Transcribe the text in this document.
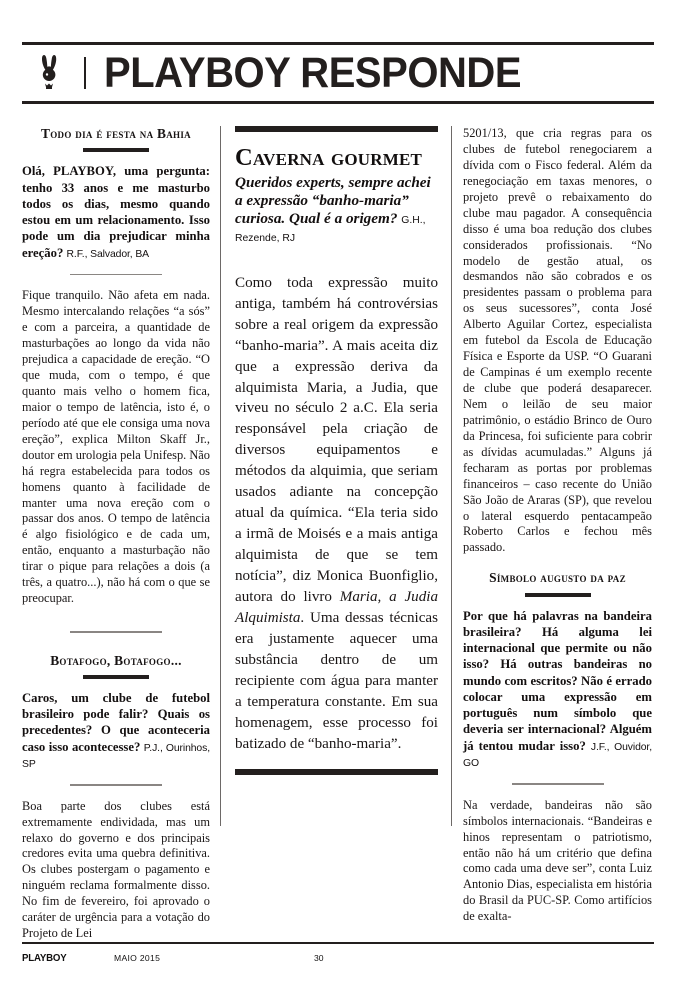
PLAYBOY RESPONDE
Todo dia é festa na Bahia

Olá, PLAYBOY, uma pergunta: tenho 33 anos e me masturbo todos os dias, mesmo quando estou em um relacionamento. Isso pode um dia prejudicar minha ereção? R.F., Salvador, BA

Fique tranquilo. Não afeta em nada. Mesmo intercalando relações “a sós” e com a parceira, a quantidade de masturbações ao longo da vida não prejudica a capacidade de ereção. “O que muda, com o tempo, é que quanto mais velho o homem fica, maior o tempo de latência, isto é, o período até que ele consiga uma nova ereção”, explica Milton Skaff Jr., doutor em urologia pela Unifesp. Não há regra estabelecida para todos os homens quanto à facilidade de manter uma nova ereção com o passar dos anos. O tempo de latência é algo fisiológico e de cada um, então, enquanto a masturbação não tirar o pique para relações a dois (a três, a quatro...), não há com o que se preocupar.

Botafogo, Botafogo...

Caros, um clube de futebol brasileiro pode falir? Quais os precedentes? O que aconteceria caso isso acontecesse? P.J., Ourinhos, SP

Boa parte dos clubes está extremamente endividada, mas um relaxo do governo e dos principais credores evita uma quebra definitiva. Os clubes postergam o pagamento e ninguém reclama formalmente disso. No fim de fevereiro, foi aprovado o caráter de urgência para a votação do Projeto de Lei

Caverna gourmet

Queridos experts, sempre achei a expressão “banho-maria” curiosa. Qual é a origem? G.H., Rezende, RJ

Como toda expressão muito antiga, também há controvérsias sobre a real origem da expressão “banho-maria”. A mais aceita diz que a expressão deriva da alquimista Maria, a Judia, que viveu no século 2 a.C. Ela seria responsável pela criação de diversos equipamentos e métodos da alquimia, que seriam usados adiante na concepção atual da química. “Ela teria sido a irmã de Moisés e a mais antiga alquimista de que se tem notícia”, diz Monica Buonfiglio, autora do livro Maria, a Judia Alquimista. Uma dessas técnicas era justamente aquecer uma substância dentro de um recipiente com água para manter a temperatura constante. Em sua homenagem, esse processo foi batizado de “banho-maria”.

5201/13, que cria regras para os clubes de futebol renegociarem a dívida com o Fisco federal. Além da renegociação em taxas menores, o projeto prevê o rebaixamento do clube mau pagador. A consequência disso é uma boa redução dos clubes considerados profissionais. “No modelo de gestão atual, os desmandos não são cobrados e os presidentes passam o problema para os seus sucessores”, conta José Alberto Aguilar Cortez, especialista em futebol da Escola de Educação Física e Esporte da USP. “O Guarani de Campinas é um exemplo recente de clube que poderá desaparecer. Nem o leilão de seu maior patrimônio, o estádio Brinco de Ouro da Princesa, foi suficiente para cobrir as dívidas acumuladas.” Alguns já fecharam as portas por problemas financeiros – caso recente do União São João de Araras (SP), que revelou o lateral esquerdo pentacampeão Roberto Carlos e fechou mês passado.

Símbolo augusto da paz

Por que há palavras na bandeira brasileira? Há alguma lei internacional que permite ou não isso? Há outras bandeiras no mundo com escritos? Não é errado colocar uma expressão em português num símbolo que deveria ser internacional? Alguém já tentou mudar isso? J.F., Ouvidor, GO

Na verdade, bandeiras não são símbolos internacionais. “Bandeiras e hinos representam o patriotismo, então não há um critério que defina como cada uma deve ser”, conta Luiz Antonio Dias, especialista em história do Brasil da PUC-SP. Como artifícios de exalta-

PLAYBOY	MAIO 2015	30
